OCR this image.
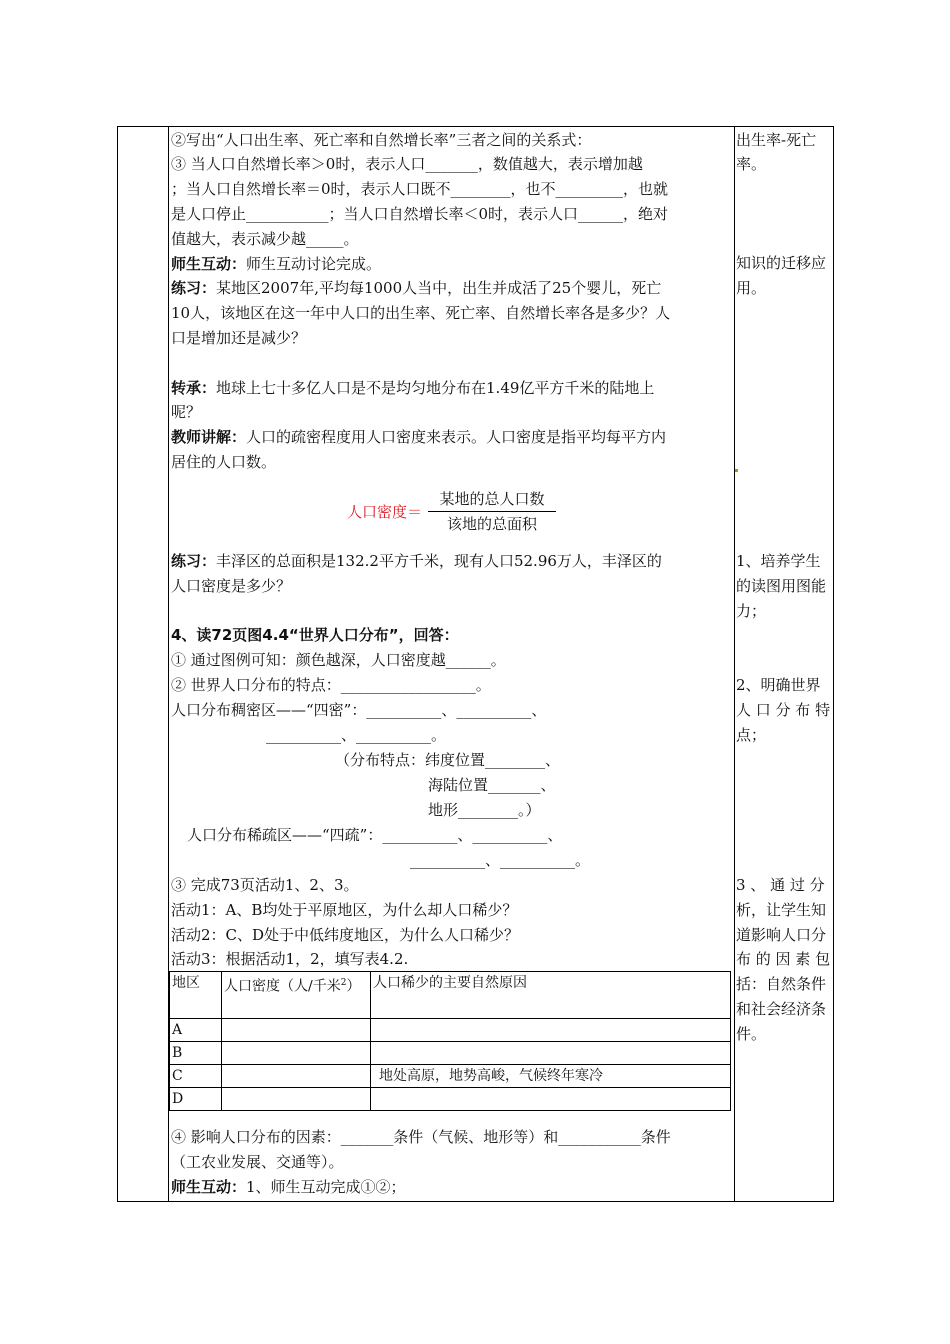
②写出“人口出生率、死亡率和自然增长率”三者之间的关系式：
③ 当人口自然增长率＞0时，表示人口_______，数值越大，表示增加越
；当人口自然增长率＝0时，表示人口既不________，也不_________，也就
是人口停止___________；当人口自然增长率＜0时，表示人口______，绝对
值越大，表示减少越_____。
师生互动：师生互动讨论完成。
练习：某地区2007年,平均每1000人当中，出生并成活了25个婴儿，死亡
10人，该地区在这一年中人口的出生率、死亡率、自然增长率各是多少？人
口是增加还是减少？
转承：地球上七十多亿人口是不是均匀地分布在1.49亿平方千米的陆地上
呢？
教师讲解：人口的疏密程度用人口密度来表示。人口密度是指平均每平方内
居住的人口数。
人口密度＝ $\frac{\text{某地的总人口数}}{\text{该地的总面积}}$
练习：丰泽区的总面积是132.2平方千米，现有人口52.96万人，丰泽区的
人口密度是多少？
4、读72页图4.4“世界人口分布”，回答：
① 通过图例可知：颜色越深，人口密度越______。
② 世界人口分布的特点：__________________。
人口分布稠密区——“四密”：__________、__________、
__________、__________。
（分布特点：纬度位置________、
海陆位置_______、
地形________。）
人口分布稀疏区——“四疏”：__________、__________、
__________、__________。
③ 完成73页活动1、2、3。
活动1：A、B均处于平原地区，为什么却人口稀少？
活动2：C、D处于中低纬度地区，为什么人口稀少？
活动3：根据活动1，2，填写表4.2.
地区	人口密度（人/千米$^2$）	人口稀少的主要自然原因
A		
B		
C		地处高原，地势高峻，气候终年寒冷
D		
④ 影响人口分布的因素：_______条件（气候、地形等）和___________条件
（工农业发展、交通等）。
师生互动：1、师生互动完成①②；
出生率-死亡
率。
知识的迁移应
用。
1、培养学生
的读图用图能
力；
2、明确世界
人 口 分 布 特
点；
3 、 通 过 分
析，让学生知
道影响人口分
布 的 因 素 包
括：自然条件
和社会经济条
件。
